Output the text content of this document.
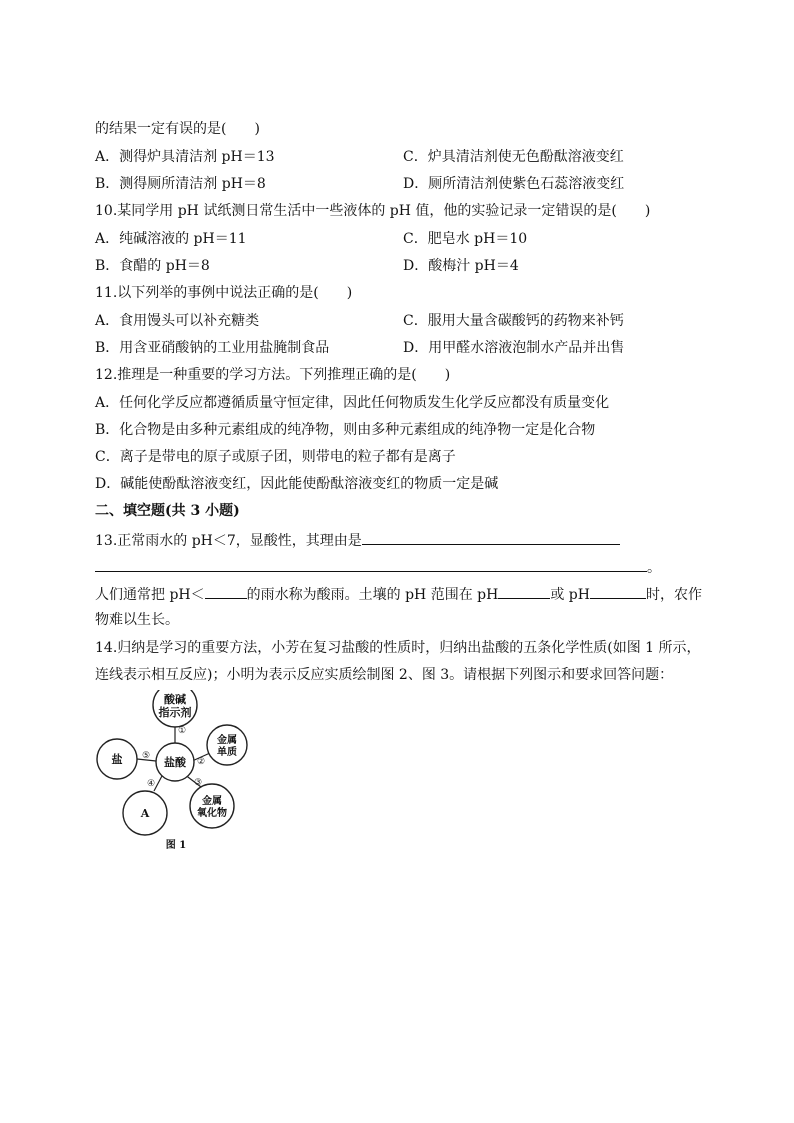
的结果一定有误的是(　　)
A．测得炉具清洁剂 pH＝13	C．炉具清洁剂使无色酚酞溶液变红
B．测得厕所清洁剂 pH＝8	D．厕所清洁剂使紫色石蕊溶液变红
10.某同学用 pH 试纸测日常生活中一些液体的 pH 值，他的实验记录一定错误的是(　　)
A．纯碱溶液的 pH＝11	C．肥皂水 pH＝10
B．食醋的 pH＝8	D．酸梅汁 pH＝4
11.以下列举的事例中说法正确的是(　　)
A．食用馒头可以补充糖类	C．服用大量含碳酸钙的药物来补钙
B．用含亚硝酸钠的工业用盐腌制食品	D．用甲醛水溶液泡制水产品并出售
12.推理是一种重要的学习方法。下列推理正确的是(　　)
A．任何化学反应都遵循质量守恒定律，因此任何物质发生化学反应都没有质量变化
B．化合物是由多种元素组成的纯净物，则由多种元素组成的纯净物一定是化合物
C．离子是带电的原子或原子团，则带电的粒子都有是离子
D．碱能使酚酞溶液变红，因此能使酚酞溶液变红的物质一定是碱
二、填空题(共 3 小题)
13.正常雨水的 pH＜7，显酸性，其理由是
。
人们通常把 pH＜	的雨水称为酸雨。土壤的 pH 范围在 pH	或 pH	时，农作
物难以生长。
14.归纳是学习的重要方法，小芳在复习盐酸的性质时，归纳出盐酸的五条化学性质(如图 1 所示，
连线表示相互反应)；小明为表示反应实质绘制图 2、图 3。请根据下列图示和要求回答问题：
盐酸
酸碱
指示剂
金属
单质
金属
氧化物
A
盐
①
②
③
④
⑤
图 1
